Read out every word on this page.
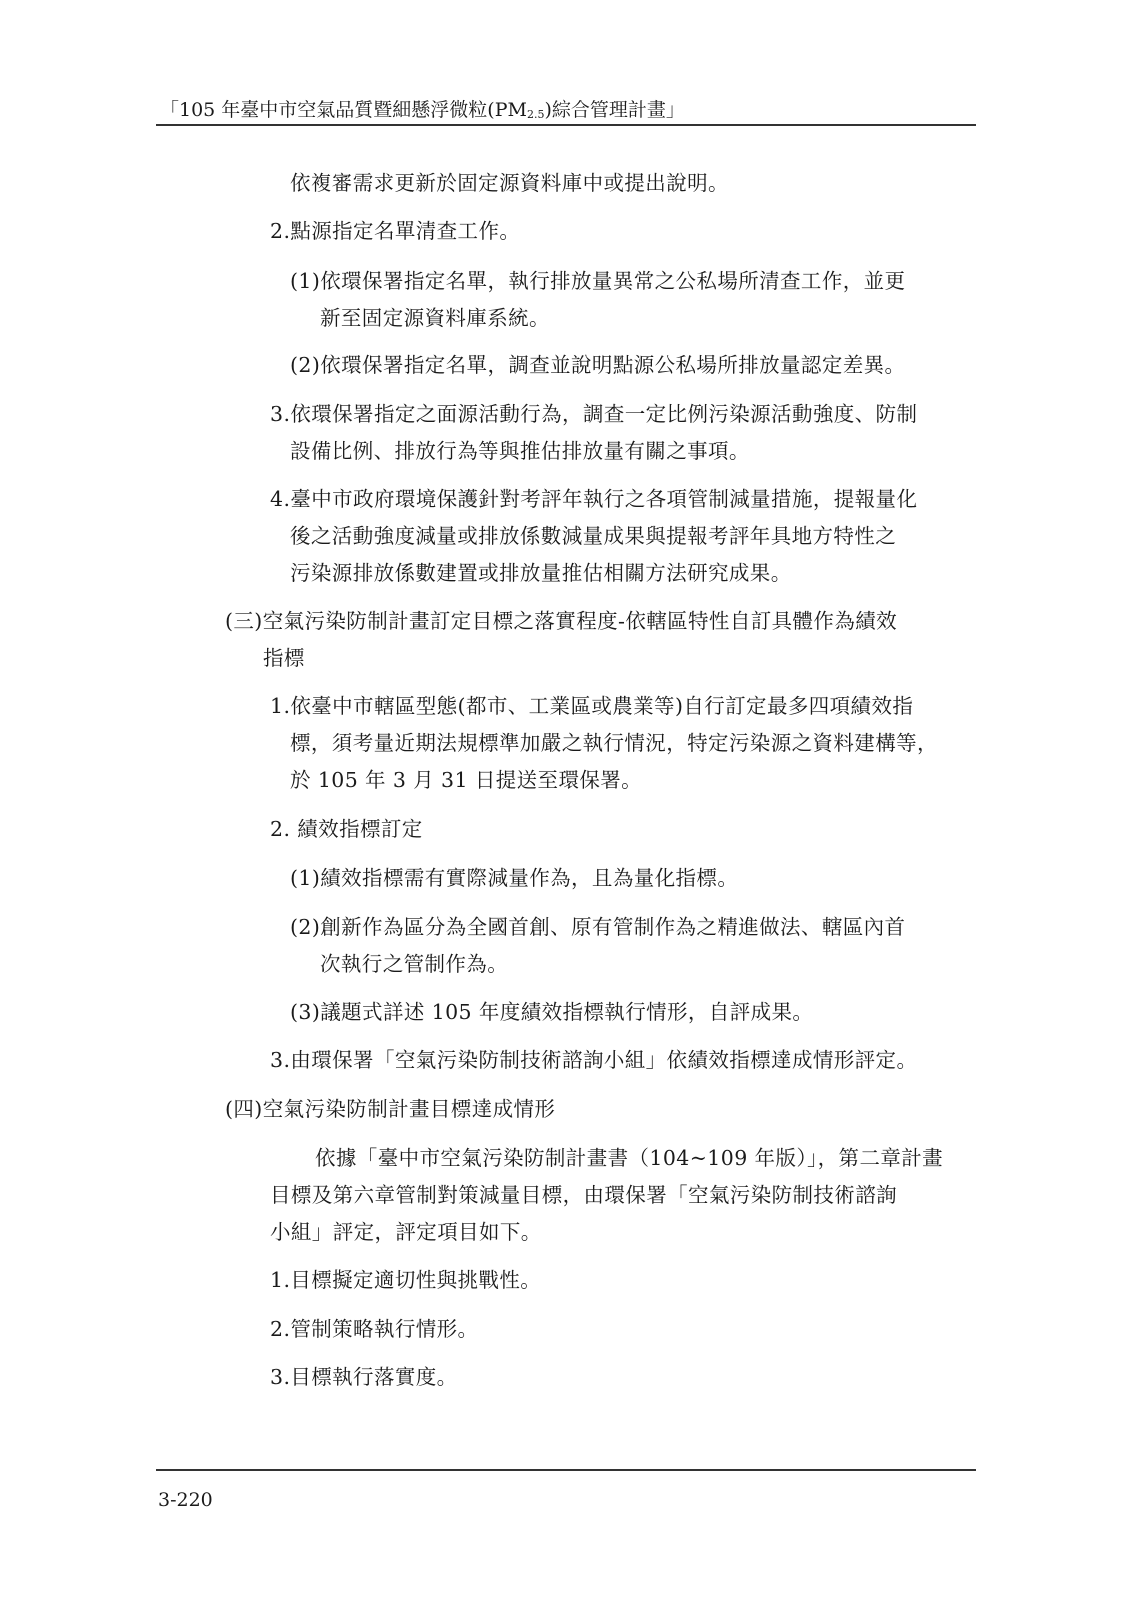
「105 年臺中市空氣品質暨細懸浮微粒$(PM_{2.5})$綜合管理計畫」
依複審需求更新於固定源資料庫中或提出說明。
2.點源指定名單清查工作。
(1)依環保署指定名單，執行排放量異常之公私場所清查工作，並更
新至固定源資料庫系統。
(2)依環保署指定名單，調查並說明點源公私場所排放量認定差異。
3.依環保署指定之面源活動行為，調查一定比例污染源活動強度、防制
設備比例、排放行為等與推估排放量有關之事項。
4.臺中市政府環境保護針對考評年執行之各項管制減量措施，提報量化
後之活動強度減量或排放係數減量成果與提報考評年具地方特性之
污染源排放係數建置或排放量推估相關方法研究成果。
(三)空氣污染防制計畫訂定目標之落實程度-依轄區特性自訂具體作為績效
指標
1.依臺中市轄區型態(都市、工業區或農業等)自行訂定最多四項績效指
標，須考量近期法規標準加嚴之執行情況，特定污染源之資料建構等，
於 105 年 3 月 31 日提送至環保署。
2. 績效指標訂定
(1)績效指標需有實際減量作為，且為量化指標。
(2)創新作為區分為全國首創、原有管制作為之精進做法、轄區內首
次執行之管制作為。
(3)議題式詳述 105 年度績效指標執行情形，自評成果。
3.由環保署「空氣污染防制技術諮詢小組」依績效指標達成情形評定。
(四)空氣污染防制計畫目標達成情形
依據「臺中市空氣污染防制計畫書（104~109 年版）」，第二章計畫
目標及第六章管制對策減量目標，由環保署「空氣污染防制技術諮詢
小組」評定，評定項目如下。
1.目標擬定適切性與挑戰性。
2.管制策略執行情形。
3.目標執行落實度。
3-220
